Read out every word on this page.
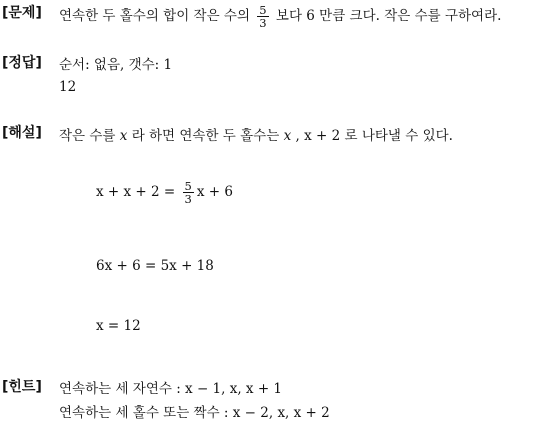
[문제] 연속한 두 홀수의 합이 작은 수의 $\frac{5}{3}$ 보다 6 만큼 크다. 작은 수를 구하여라.
[정답] 순서: 없음, 갯수: 1
12
[해설] 작은 수를 x 라 하면 연속한 두 홀수는 x , x + 2 로 나타낼 수 있다.
$x + x + 2 = \frac{5}{3}$ x + 6
6x + 6 = 5x + 18
x = 12
[힌트] 연속하는 세 자연수 : x − 1, x, x + 1
연속하는 세 홀수 또는 짝수 : x − 2, x, x + 2
